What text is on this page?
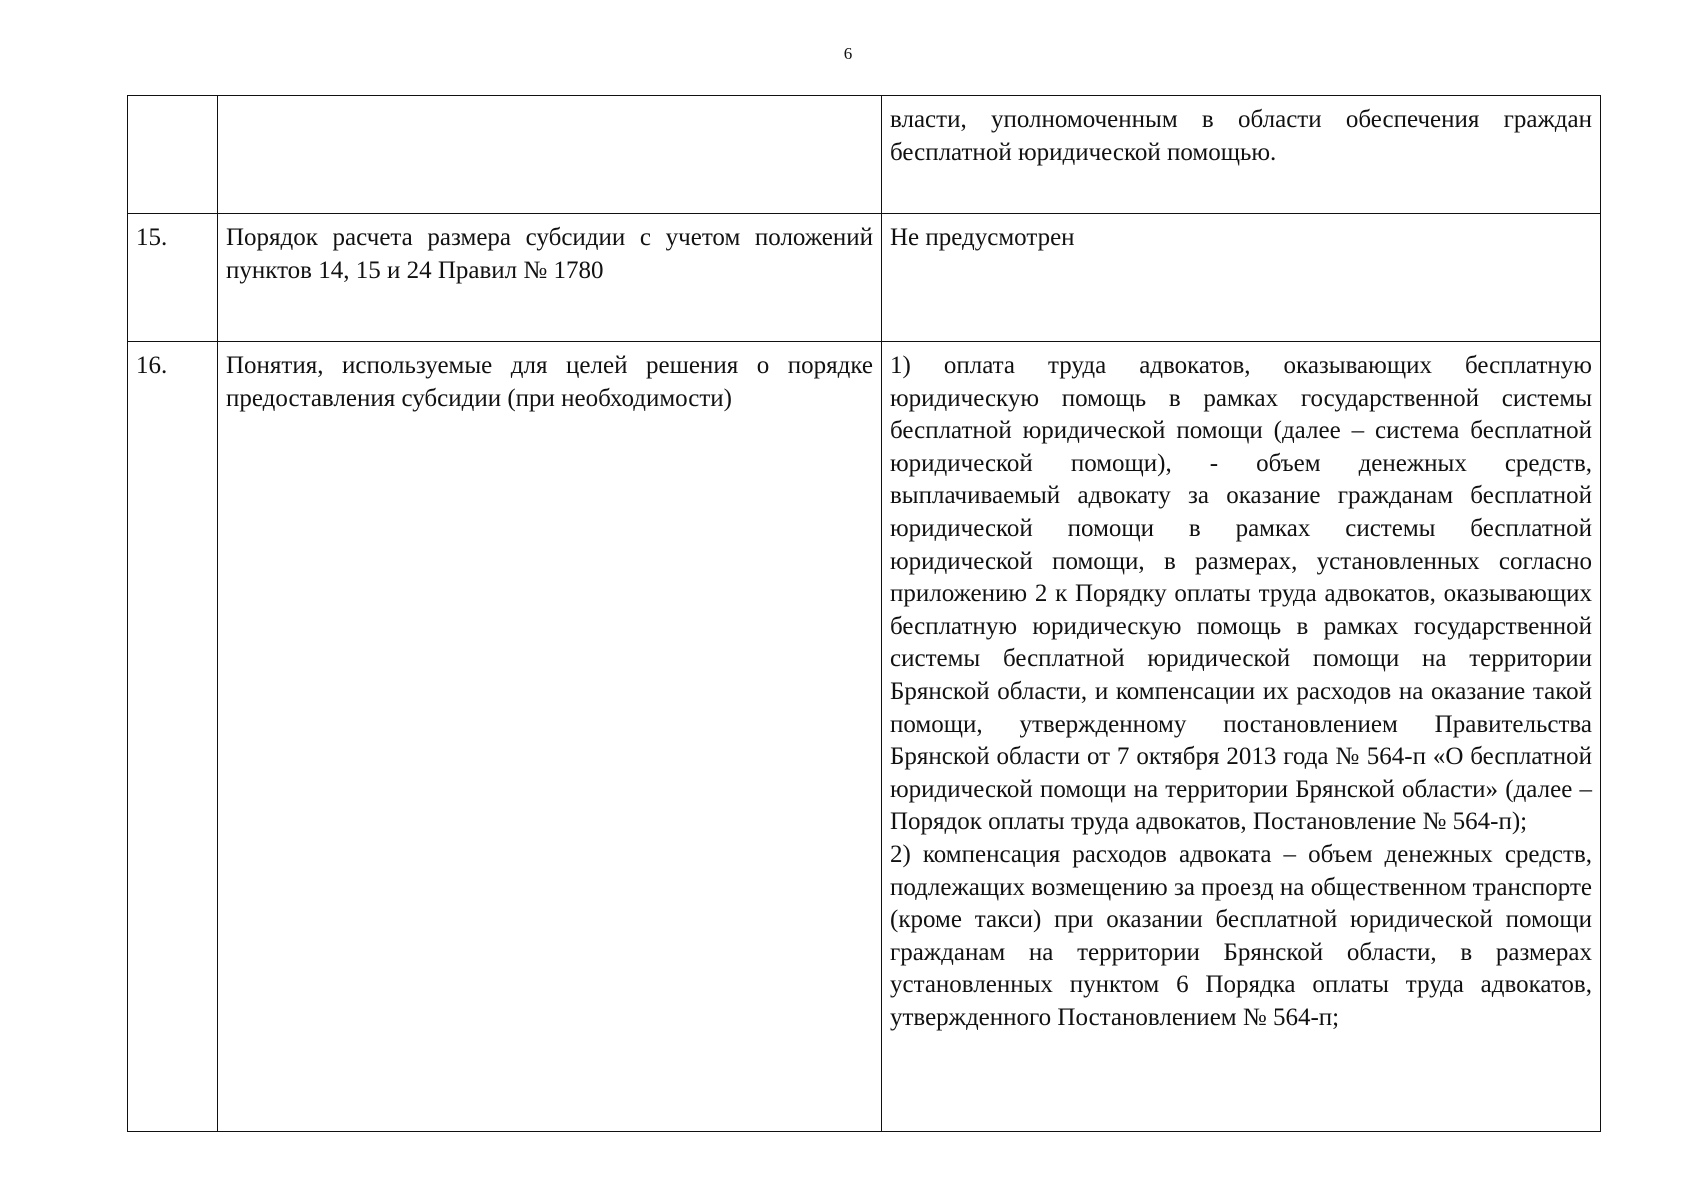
6
		власти, уполномоченным в области обеспечения граждан бесплатной юридической помощью.
15.	Порядок расчета размера субсидии с учетом положений пунктов 14, 15 и 24 Правил № 1780	Не предусмотрен
16.	Понятия, используемые для целей решения о порядке предоставления субсидии (при необходимости)	1) оплата труда адвокатов, оказывающих бесплатную юридическую помощь в рамках государственной системы бесплатной юридической помощи (далее – система бесплатной юридической помощи), - объем денежных средств, выплачиваемый адвокату за оказание гражданам бесплатной юридической помощи в рамках системы бесплатной юридической помощи, в размерах, установленных согласно приложению 2 к Порядку оплаты труда адвокатов, оказывающих бесплатную юридическую помощь в рамках государственной системы бесплатной юридической помощи на территории Брянской области, и компенсации их расходов на оказание такой помощи, утвержденному постановлением Правительства Брянской области от 7 октября 2013 года № 564-п «О бесплатной юридической помощи на территории Брянской области» (далее – Порядок оплаты труда адвокатов, Постановление № 564-п);
2) компенсация расходов адвоката – объем денежных средств, подлежащих возмещению за проезд на общественном транспорте (кроме такси) при оказании бесплатной юридической помощи гражданам на территории Брянской области, в размерах установленных пунктом 6 Порядка оплаты труда адвокатов, утвержденного Постановлением № 564-п;
